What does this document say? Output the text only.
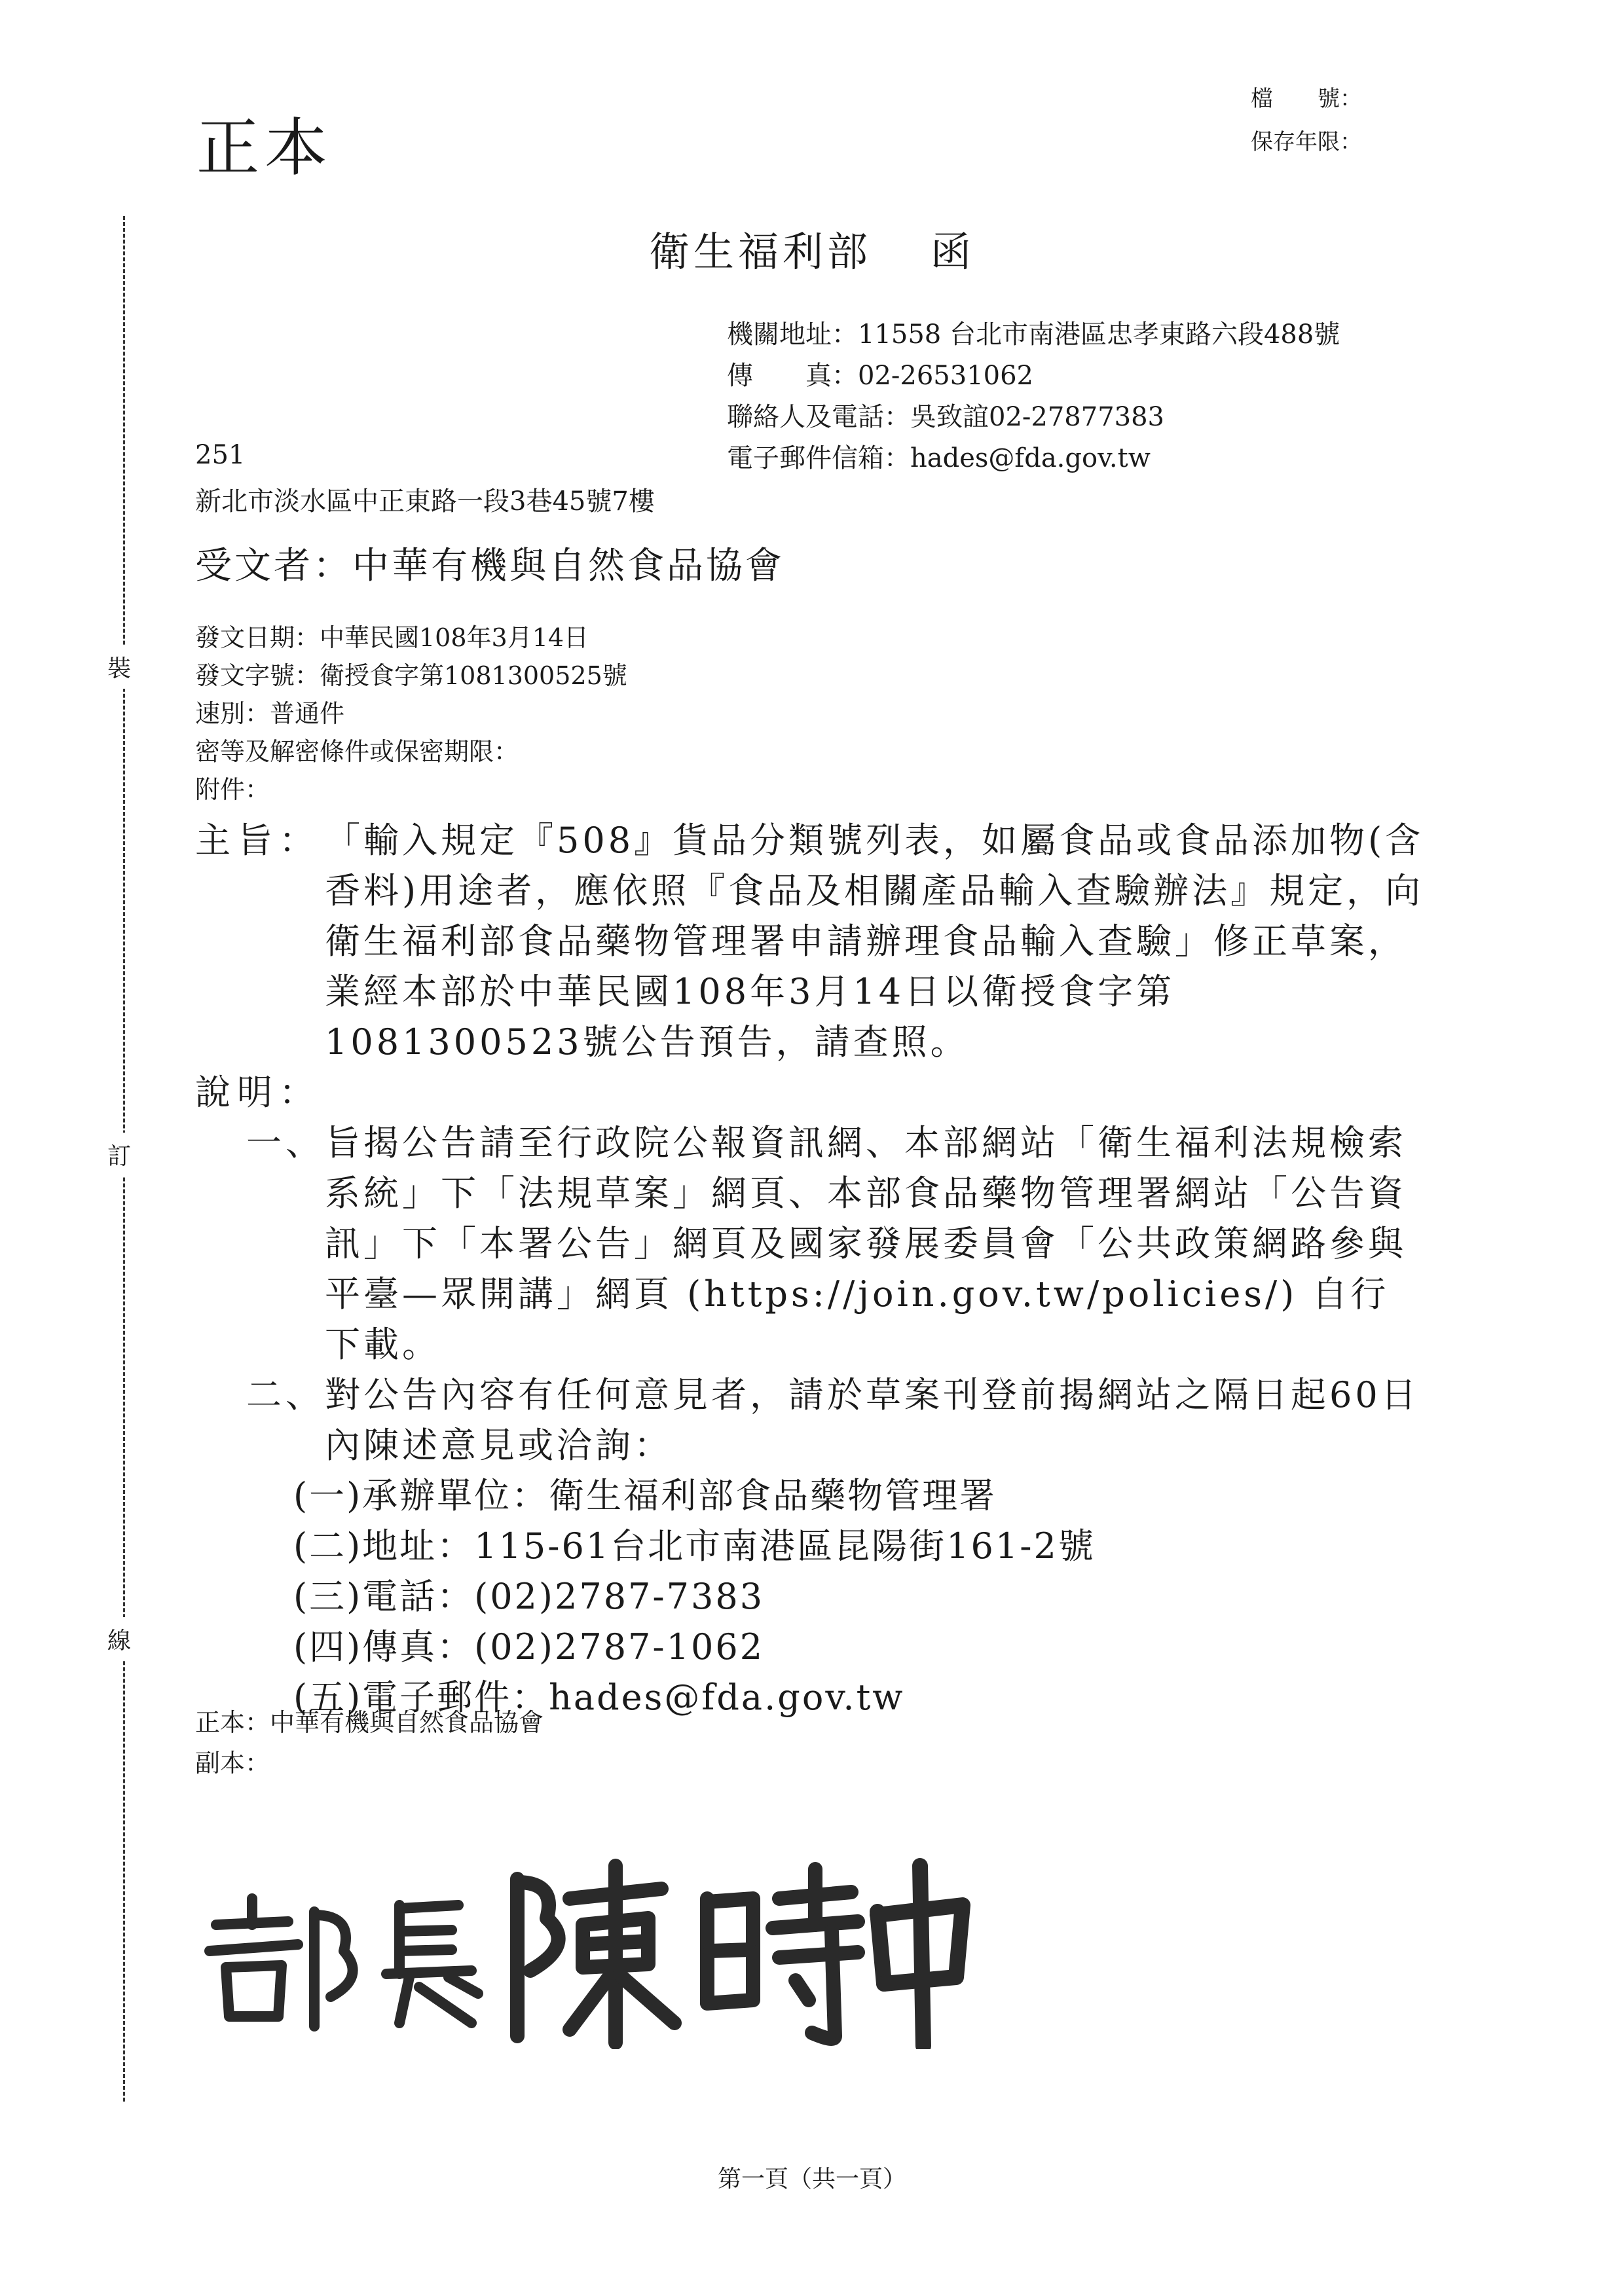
正本
檔　　號：
保存年限：
裝
訂
線
衛生福利部 函
機關地址：11558 台北市南港區忠孝東路六段488號
傳　　真：02-26531062
聯絡人及電話：吳致誼02-27877383
電子郵件信箱：hades@fda.gov.tw
251
新北市淡水區中正東路一段3巷45號7樓
受文者：中華有機與自然食品協會
發文日期：中華民國108年3月14日
發文字號：衛授食字第1081300525號
速別：普通件
密等及解密條件或保密期限：
附件：
主旨： 「輸入規定『508』貨品分類號列表，如屬食品或食品添加物(含香料)用途者，應依照『食品及相關產品輸入查驗辦法』規定，向衛生福利部食品藥物管理署申請辦理食品輸入查驗」修正草案，業經本部於中華民國108年3月14日以衛授食字第1081300523號公告預告，請查照。
說明：
一、 旨揭公告請至行政院公報資訊網、本部網站「衛生福利法規檢索系統」下「法規草案」網頁、本部食品藥物管理署網站「公告資訊」下「本署公告」網頁及國家發展委員會「公共政策網路參與平臺—眾開講」網頁 (https://join.gov.tw/policies/) 自行下載。
二、 對公告內容有任何意見者，請於草案刊登前揭網站之隔日起60日內陳述意見或洽詢：
(一)承辦單位：衛生福利部食品藥物管理署
(二)地址：115-61台北市南港區昆陽街161-2號
(三)電話：(02)2787-7383
(四)傳真：(02)2787-1062
(五)電子郵件：hades@fda.gov.tw
正本：中華有機與自然食品協會
副本：
第一頁（共一頁）
